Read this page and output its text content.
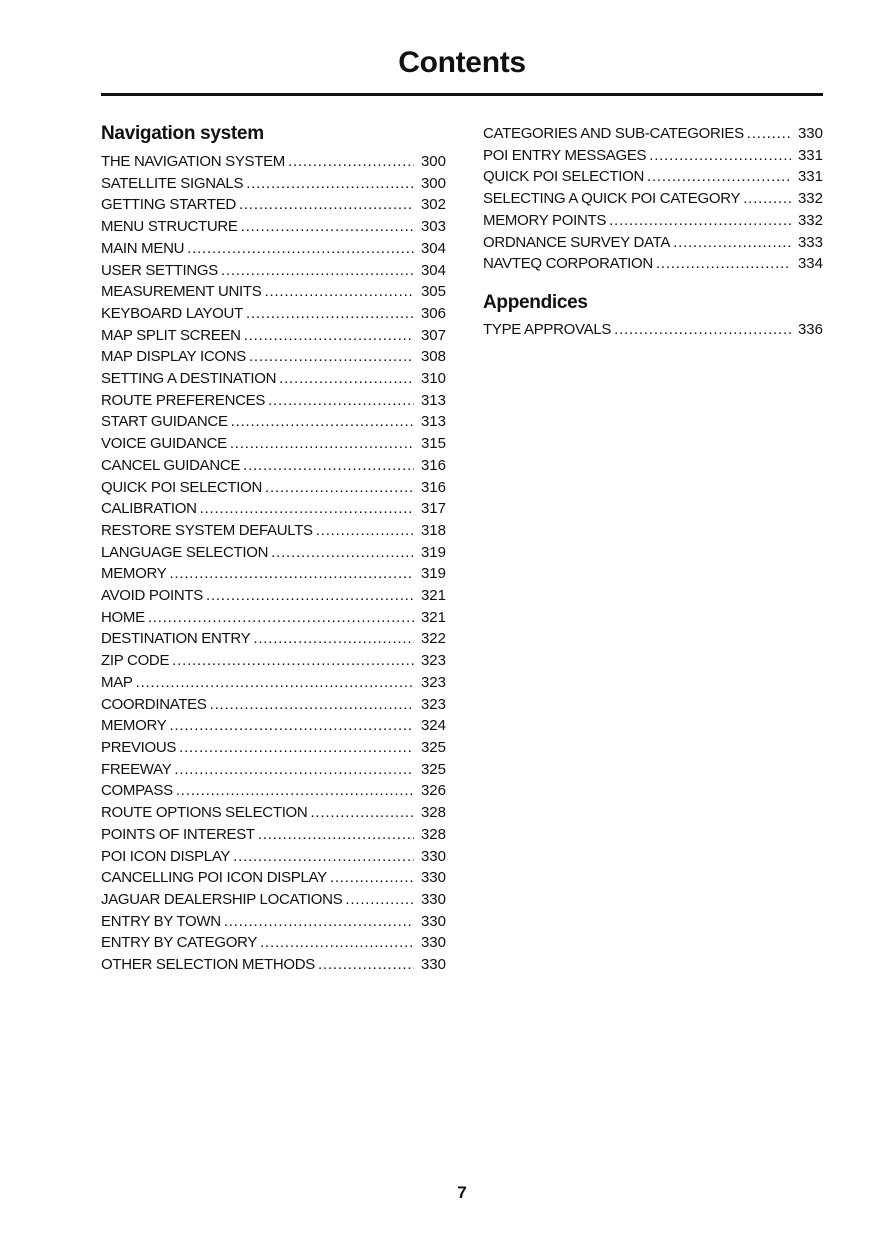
Contents
Navigation system
THE NAVIGATION SYSTEM .....	300
SATELLITE SIGNALS .....	300
GETTING STARTED .....	302
MENU STRUCTURE .....	303
MAIN MENU .....	304
USER SETTINGS .....	304
MEASUREMENT UNITS .....	305
KEYBOARD LAYOUT .....	306
MAP SPLIT SCREEN .....	307
MAP DISPLAY ICONS .....	308
SETTING A DESTINATION .....	310
ROUTE PREFERENCES .....	313
START GUIDANCE .....	313
VOICE GUIDANCE .....	315
CANCEL GUIDANCE .....	316
QUICK POI SELECTION .....	316
CALIBRATION .....	317
RESTORE SYSTEM DEFAULTS .....	318
LANGUAGE SELECTION .....	319
MEMORY .....	319
AVOID POINTS .....	321
HOME .....	321
DESTINATION ENTRY .....	322
ZIP CODE .....	323
MAP .....	323
COORDINATES .....	323
MEMORY .....	324
PREVIOUS .....	325
FREEWAY .....	325
COMPASS .....	326
ROUTE OPTIONS SELECTION .....	328
POINTS OF INTEREST .....	328
POI ICON DISPLAY .....	330
CANCELLING POI ICON DISPLAY .....	330
JAGUAR DEALERSHIP LOCATIONS .....	330
ENTRY BY TOWN .....	330
ENTRY BY CATEGORY .....	330
OTHER SELECTION METHODS .....	330
CATEGORIES AND SUB-CATEGORIES .....	330
POI ENTRY MESSAGES .....	331
QUICK POI SELECTION .....	331
SELECTING A QUICK POI CATEGORY .....	332
MEMORY POINTS .....	332
ORDNANCE SURVEY DATA .....	333
NAVTEQ CORPORATION .....	334
Appendices
TYPE APPROVALS .....	336
7
